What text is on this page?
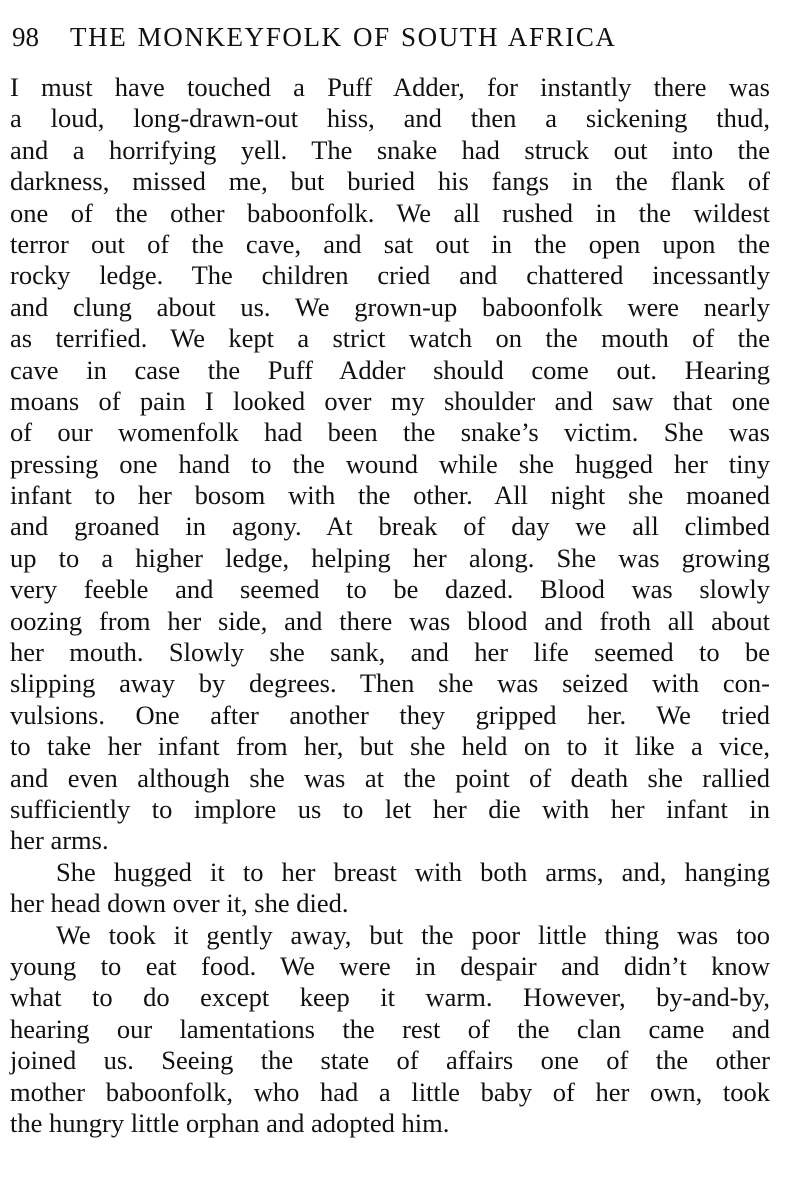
98	THE MONKEYFOLK OF SOUTH AFRICA
I must have touched a Puff Adder, for instantly there was
a loud, long-drawn-out hiss, and then a sickening thud,
and a horrifying yell. The snake had struck out into the
darkness, missed me, but buried his fangs in the flank of
one of the other baboonfolk. We all rushed in the wildest
terror out of the cave, and sat out in the open upon the
rocky ledge. The children cried and chattered incessantly
and clung about us. We grown-up baboonfolk were nearly
as terrified. We kept a strict watch on the mouth of the
cave in case the Puff Adder should come out. Hearing
moans of pain I looked over my shoulder and saw that one
of our womenfolk had been the snake’s victim. She was
pressing one hand to the wound while she hugged her tiny
infant to her bosom with the other. All night she moaned
and groaned in agony. At break of day we all climbed
up to a higher ledge, helping her along. She was growing
very feeble and seemed to be dazed. Blood was slowly
oozing from her side, and there was blood and froth all about
her mouth. Slowly she sank, and her life seemed to be
slipping away by degrees. Then she was seized with con-
vulsions. One after another they gripped her. We tried
to take her infant from her, but she held on to it like a vice,
and even although she was at the point of death she rallied
sufficiently to implore us to let her die with her infant in
her arms.
She hugged it to her breast with both arms, and, hanging
her head down over it, she died.
We took it gently away, but the poor little thing was too
young to eat food. We were in despair and didn’t know
what to do except keep it warm. However, by-and-by,
hearing our lamentations the rest of the clan came and
joined us. Seeing the state of affairs one of the other
mother baboonfolk, who had a little baby of her own, took
the hungry little orphan and adopted him.
